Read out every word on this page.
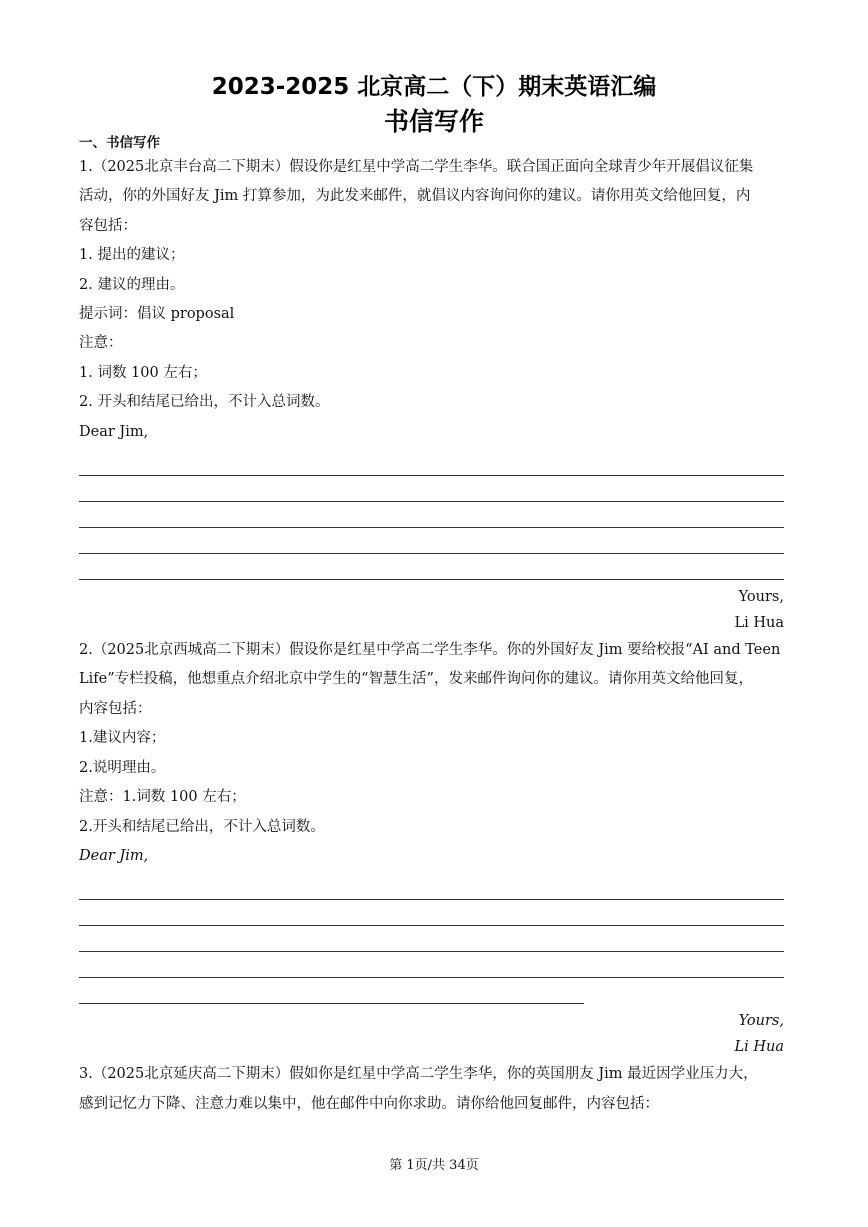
2023-2025 北京高二（下）期末英语汇编
书信写作
一、书信写作

1.（2025北京丰台高二下期末）假设你是红星中学高二学生李华。联合国正面向全球青少年开展倡议征集

活动，你的外国好友 Jim 打算参加，为此发来邮件，就倡议内容询问你的建议。请你用英文给他回复，内

容包括：

1. 提出的建议；

2. 建议的理由。

提示词：倡议 proposal

注意：

1. 词数 100 左右；

2. 开头和结尾已给出，不计入总词数。

Dear Jim,

Yours,
Li Hua

2.（2025北京西城高二下期末）假设你是红星中学高二学生李华。你的外国好友 Jim 要给校报“AI and Teen

Life”专栏投稿，他想重点介绍北京中学生的“智慧生活”，发来邮件询问你的建议。请你用英文给他回复，

内容包括：

1.建议内容；

2.说明理由。

注意：1.词数 100 左右；

2.开头和结尾已给出，不计入总词数。

Dear Jim,

Yours,
Li Hua

3.（2025北京延庆高二下期末）假如你是红星中学高二学生李华，你的英国朋友 Jim 最近因学业压力大，

感到记忆力下降、注意力难以集中，他在邮件中向你求助。请你给他回复邮件，内容包括：

第 1页/共 34页
